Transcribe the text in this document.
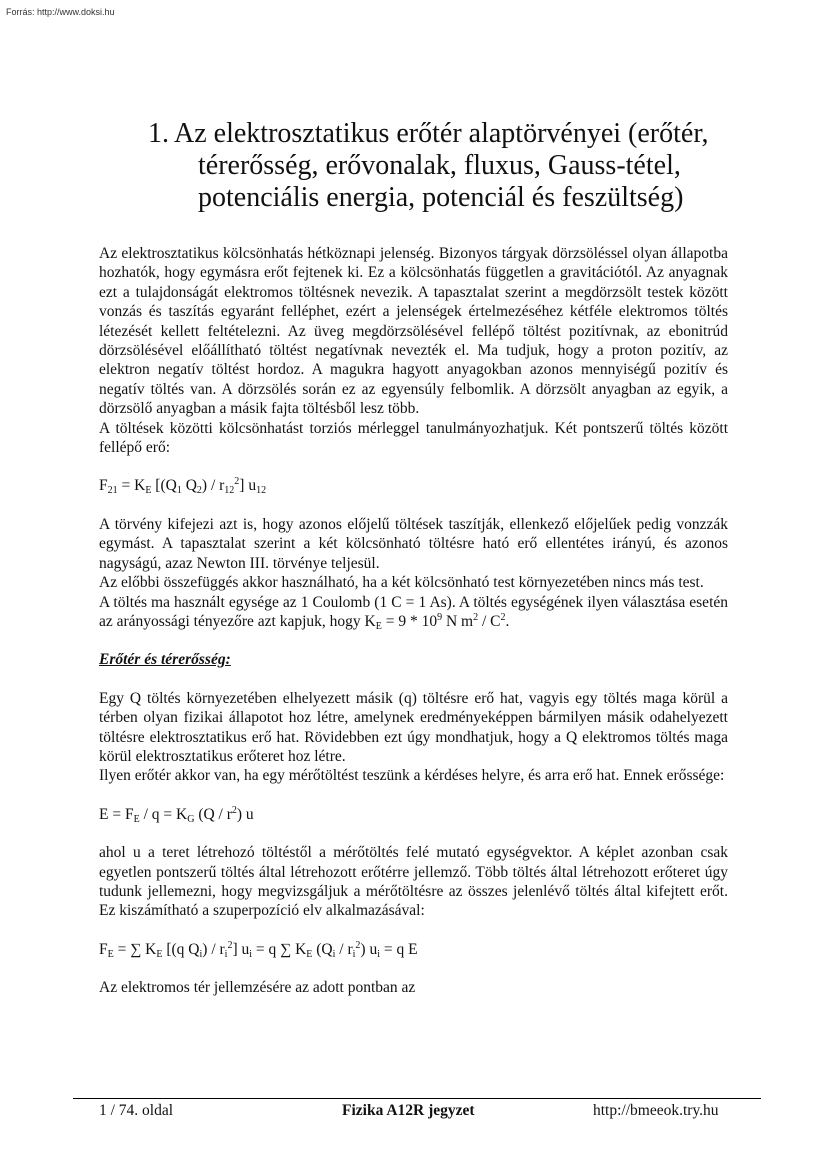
Forrás: http://www.doksi.hu
1. Az elektrosztatikus erőtér alaptörvényei (erőtér,
térerősség, erővonalak, fluxus, Gauss-tétel,
potenciális energia, potenciál és feszültség)

Az elektrosztatikus kölcsönhatás hétköznapi jelenség. Bizonyos tárgyak dörzsöléssel olyan állapotba hozhatók, hogy egymásra erőt fejtenek ki. Ez a kölcsönhatás független a gravitációtól. Az anyagnak ezt a tulajdonságát elektromos töltésnek nevezik. A tapasztalat szerint a megdörzsölt testek között vonzás és taszítás egyaránt felléphet, ezért a jelenségek értelmezéséhez kétféle elektromos töltés létezését kellett feltételezni. Az üveg megdörzsölésével fellépő töltést pozitívnak, az ebonitrúd dörzsölésével előállítható töltést negatívnak nevezték el. Ma tudjuk, hogy a proton pozitív, az elektron negatív töltést hordoz. A magukra hagyott anyagokban azonos mennyiségű pozitív és negatív töltés van. A dörzsölés során ez az egyensúly felbomlik. A dörzsölt anyagban az egyik, a dörzsölő anyagban a másik fajta töltésből lesz több.

A töltések közötti kölcsönhatást torziós mérleggel tanulmányozhatjuk. Két pontszerű töltés között fellépő erő:

$F_{21} = K_E$ [($Q_1$ $Q_2) / r_{12}^2$] $u_{12}$

A törvény kifejezi azt is, hogy azonos előjelű töltések taszítják, ellenkező előjelűek pedig vonzzák egymást. A tapasztalat szerint a két kölcsönható töltésre ható erő ellentétes irányú, és azonos nagyságú, azaz Newton III. törvénye teljesül.

Az előbbi összefüggés akkor használható, ha a két kölcsönható test környezetében nincs más test.

A töltés ma használt egysége az 1 Coulomb (1 C = 1 As). A töltés egységének ilyen választása esetén az arányossági tényezőre azt kapjuk, hogy $K_E = 9 * 10^9$ N $m^2 / C^2$.

Erőtér és térerősség:

Egy Q töltés környezetében elhelyezett másik (q) töltésre erő hat, vagyis egy töltés maga körül a térben olyan fizikai állapotot hoz létre, amelynek eredményeképpen bármilyen másik odahelyezett töltésre elektrosztatikus erő hat. Rövidebben ezt úgy mondhatjuk, hogy a Q elektromos töltés maga körül elektrosztatikus erőteret hoz létre.

Ilyen erőtér akkor van, ha egy mérőtöltést teszünk a kérdéses helyre, és arra erő hat. Ennek erőssége:

$E = F_E / q = K_G$ $(Q / r^2)$ u

ahol u a teret létrehozó töltéstől a mérőtöltés felé mutató egységvektor. A képlet azonban csak egyetlen pontszerű töltés által létrehozott erőtérre jellemző. Több töltés által létrehozott erőteret úgy tudunk jellemezni, hogy megvizsgáljuk a mérőtöltésre az összes jelenlévő töltés által kifejtett erőt. Ez kiszámítható a szuperpozíció elv alkalmazásával:

$F_E$ = ∑ $K_E$ [(q $Q_i) / r_i^2$] $u_i = q$ ∑ $K_E$ $(Q_i / r_i^2) u_i = q$ E

Az elektromos tér jellemzésére az adott pontban az

1 / 74. oldal	Fizika A12R jegyzet	http://bmeeok.try.hu
